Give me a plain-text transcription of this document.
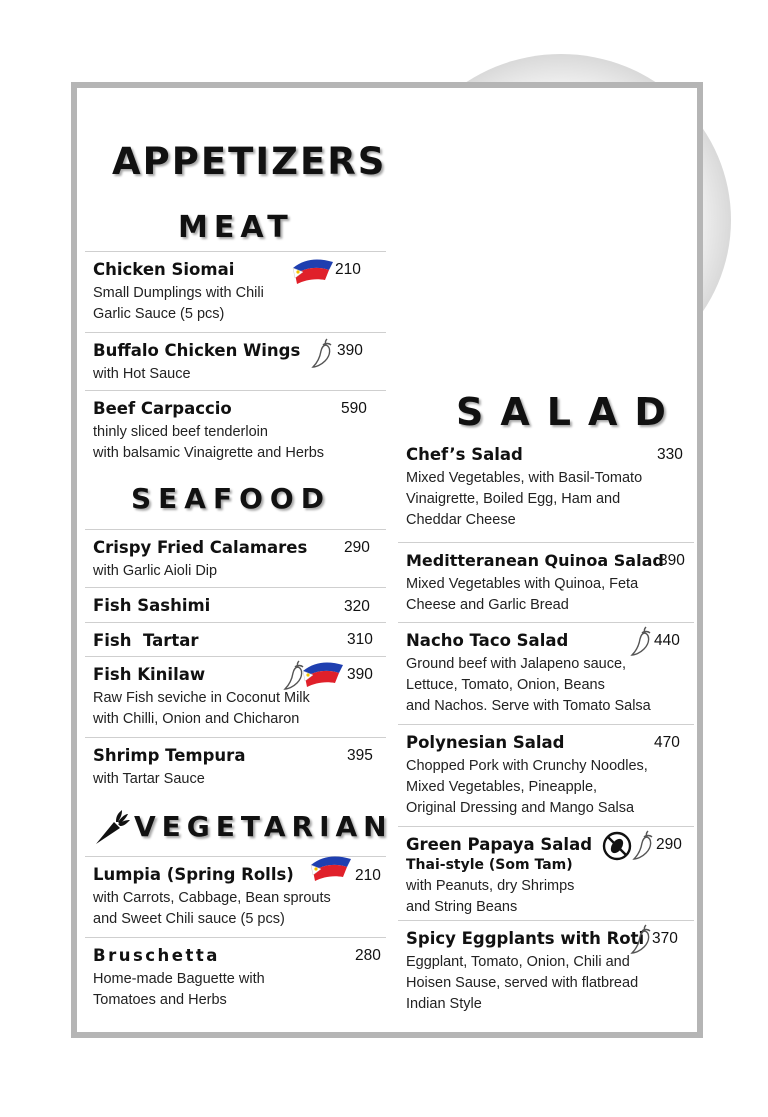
APPETIZERS
MEAT
SEAFOOD
VEGETARIAN
SALAD
Chicken Siomai
Small Dumplings with Chili
Garlic Sauce (5 pcs)
210
Buffalo Chicken Wings
with Hot Sauce
390
Beef Carpaccio
thinly sliced beef tenderloin
with balsamic Vinaigrette and Herbs
590
Crispy Fried Calamares
with Garlic Aioli Dip
290
Fish Sashimi	320
Fish  Tartar	310
Fish Kinilaw
Raw Fish seviche in Coconut Milk
with Chilli, Onion and Chicharon
390
Shrimp Tempura
with Tartar Sauce
395
Lumpia (Spring Rolls)
with Carrots, Cabbage, Bean sprouts
and Sweet Chili sauce (5 pcs)
210
Bruschetta
Home-made Baguette with
Tomatoes and Herbs
280
Chef’s Salad
Mixed Vegetables, with Basil-Tomato
Vinaigrette, Boiled Egg, Ham and
Cheddar Cheese
330
Meditteranean Quinoa Salad
Mixed Vegetables with Quinoa, Feta
Cheese and Garlic Bread
390
Nacho Taco Salad
Ground beef with Jalapeno sauce,
Lettuce, Tomato, Onion, Beans
and Nachos. Serve with Tomato Salsa
440
Polynesian Salad
Chopped Pork with Crunchy Noodles,
Mixed Vegetables, Pineapple,
Original Dressing and Mango Salsa
470
Green Papaya Salad
Thai-style (Som Tam)
with Peanuts, dry Shrimps
and String Beans
290
Spicy Eggplants with Roti
Eggplant, Tomato, Onion, Chili and
Hoisen Sause, served with flatbread
Indian Style
370
